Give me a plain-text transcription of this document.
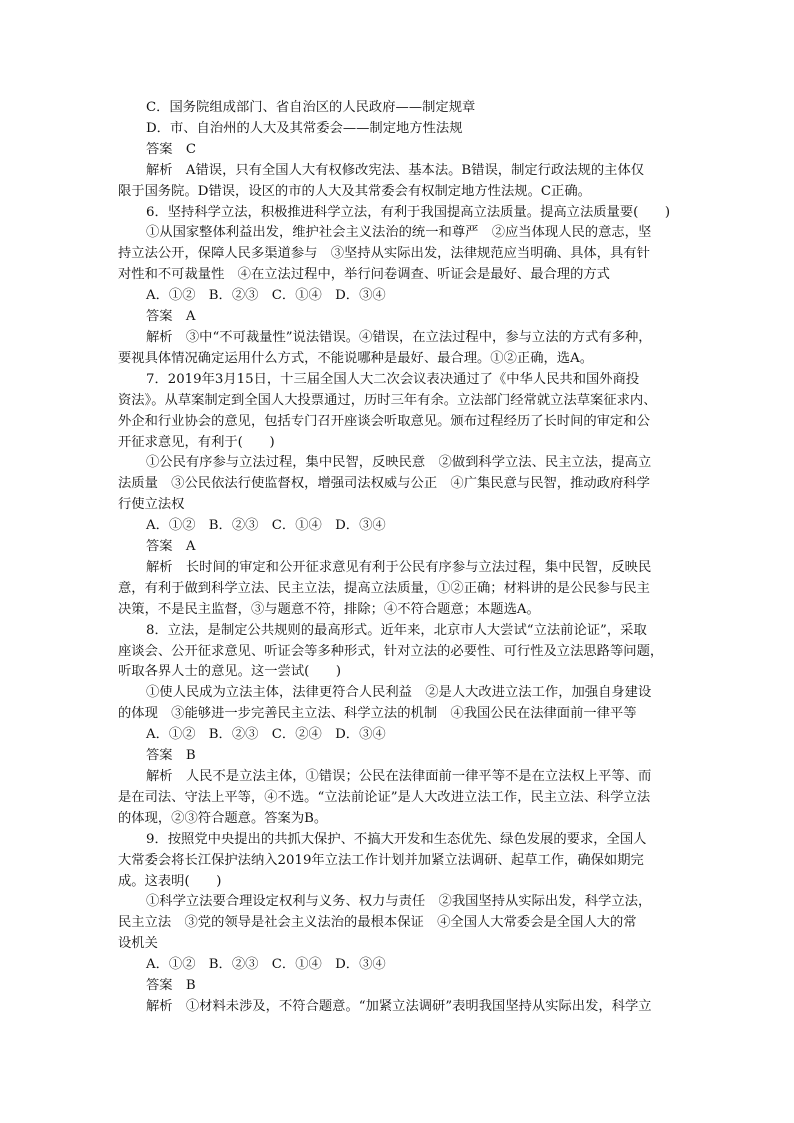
C．国务院组成部门、省自治区的人民政府——制定规章
D．市、自治州的人大及其常委会——制定地方性法规
答案　C
解析　A错误，只有全国人大有权修改宪法、基本法。B错误，制定行政法规的主体仅
限于国务院。D错误，设区的市的人大及其常委会有权制定地方性法规。C正确。
6．坚持科学立法，积极推进科学立法，有利于我国提高立法质量。提高立法质量要(　　)
①从国家整体利益出发，维护社会主义法治的统一和尊严　②应当体现人民的意志，坚
持立法公开，保障人民多渠道参与　③坚持从实际出发，法律规范应当明确、具体，具有针
对性和不可裁量性　④在立法过程中，举行问卷调查、听证会是最好、最合理的方式
A．①②　B．②③　C．①④　D．③④
答案　A
解析　③中“不可裁量性”说法错误。④错误，在立法过程中，参与立法的方式有多种，
要视具体情况确定运用什么方式，不能说哪种是最好、最合理。①②正确，选A。
7．2019年3月15日，十三届全国人大二次会议表决通过了《中华人民共和国外商投
资法》。从草案制定到全国人大投票通过，历时三年有余。立法部门经常就立法草案征求内、
外企和行业协会的意见，包括专门召开座谈会听取意见。颁布过程经历了长时间的审定和公
开征求意见，有利于(　　)
①公民有序参与立法过程，集中民智，反映民意　②做到科学立法、民主立法，提高立
法质量　③公民依法行使监督权，增强司法权威与公正　④广集民意与民智，推动政府科学
行使立法权
A．①②　B．②③　C．①④　D．③④
答案　A
解析　长时间的审定和公开征求意见有利于公民有序参与立法过程，集中民智，反映民
意，有利于做到科学立法、民主立法，提高立法质量，①②正确；材料讲的是公民参与民主
决策，不是民主监督，③与题意不符，排除；④不符合题意；本题选A。
8．立法，是制定公共规则的最高形式。近年来，北京市人大尝试“立法前论证”，采取
座谈会、公开征求意见、听证会等多种形式，针对立法的必要性、可行性及立法思路等问题，
听取各界人士的意见。这一尝试(　　)
①使人民成为立法主体，法律更符合人民利益　②是人大改进立法工作，加强自身建设
的体现　③能够进一步完善民主立法、科学立法的机制　④我国公民在法律面前一律平等
A．①②　B．②③　C．②④　D．③④
答案　B
解析　人民不是立法主体，①错误；公民在法律面前一律平等不是在立法权上平等、而
是在司法、守法上平等，④不选。“立法前论证”是人大改进立法工作，民主立法、科学立法
的体现，②③符合题意。答案为B。
9．按照党中央提出的共抓大保护、不搞大开发和生态优先、绿色发展的要求，全国人
大常委会将长江保护法纳入2019年立法工作计划并加紧立法调研、起草工作，确保如期完
成。这表明(　　)
①科学立法要合理设定权利与义务、权力与责任　②我国坚持从实际出发，科学立法，
民主立法　③党的领导是社会主义法治的最根本保证　④全国人大常委会是全国人大的常
设机关
A．①②　B．②③　C．①④　D．③④
答案　B
解析　①材料未涉及，不符合题意。“加紧立法调研”表明我国坚持从实际出发，科学立
